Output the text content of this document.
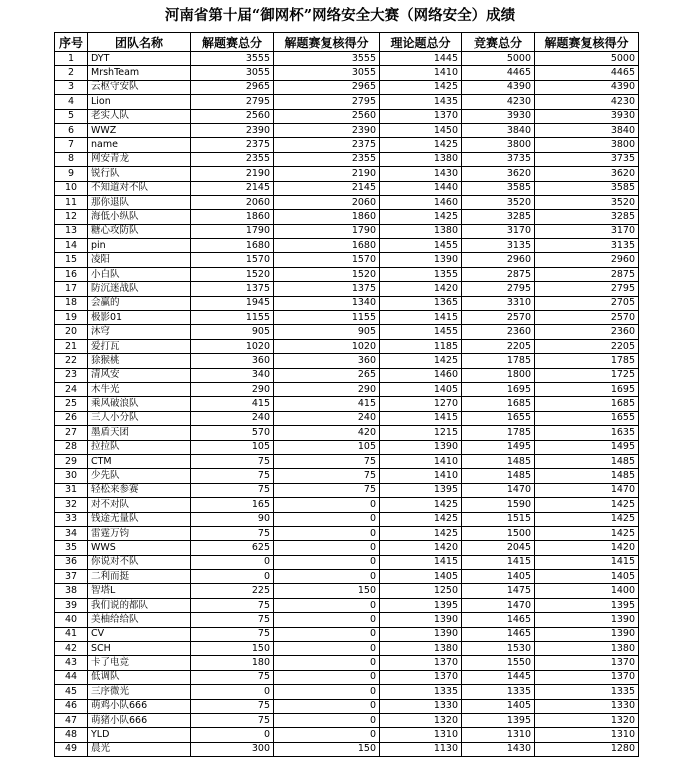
河南省第十届“御网杯”网络安全大赛（网络安全）成绩
序号	团队名称	解题赛总分	解题赛复核得分	理论题总分	竞赛总分	解题赛复核得分
1	DYT	3555	3555	1445	5000	5000
2	MrshTeam	3055	3055	1410	4465	4465
3	云枢守安队	2965	2965	1425	4390	4390
4	Lion	2795	2795	1435	4230	4230
5	老实人队	2560	2560	1370	3930	3930
6	WWZ	2390	2390	1450	3840	3840
7	name	2375	2375	1425	3800	3800
8	网安青龙	2355	2355	1380	3735	3735
9	锐行队	2190	2190	1430	3620	3620
10	不知道对不队	2145	2145	1440	3585	3585
11	那你退队	2060	2060	1460	3520	3520
12	海低小纵队	1860	1860	1425	3285	3285
13	糖心攻防队	1790	1790	1380	3170	3170
14	pin	1680	1680	1455	3135	3135
15	凌阳	1570	1570	1390	2960	2960
16	小白队	1520	1520	1355	2875	2875
17	防沉迷战队	1375	1375	1420	2795	2795
18	会赢的	1945	1340	1365	3310	2705
19	极影01	1155	1155	1415	2570	2570
20	沐穹	905	905	1455	2360	2360
21	爱打瓦	1020	1020	1185	2205	2205
22	狳猴桃	360	360	1425	1785	1785
23	清风安	340	265	1460	1800	1725
24	木牛光	290	290	1405	1695	1695
25	乘风破浪队	415	415	1270	1685	1685
26	三人小分队	240	240	1415	1655	1655
27	墨盾天团	570	420	1215	1785	1635
28	拉拉队	105	105	1390	1495	1495
29	CTM	75	75	1410	1485	1485
30	少先队	75	75	1410	1485	1485
31	轻松来参赛	75	75	1395	1470	1470
32	对不对队	165	0	1425	1590	1425
33	钱途无量队	90	0	1425	1515	1425
34	雷霆万钧	75	0	1425	1500	1425
35	WWS	625	0	1420	2045	1420
36	你说对不队	0	0	1415	1415	1415
37	二利而挺	0	0	1405	1405	1405
38	智塔L	225	150	1250	1475	1400
39	我们说的都队	75	0	1395	1470	1395
40	美柚给给队	75	0	1390	1465	1390
41	CV	75	0	1390	1465	1390
42	SCH	150	0	1380	1530	1380
43	卡了电竞	180	0	1370	1550	1370
44	低调队	75	0	1370	1445	1370
45	三序微光	0	0	1335	1335	1335
46	萌鸡小队666	75	0	1330	1405	1330
47	萌猪小队666	75	0	1320	1395	1320
48	YLD	0	0	1310	1310	1310
49	晨光	300	150	1130	1430	1280
